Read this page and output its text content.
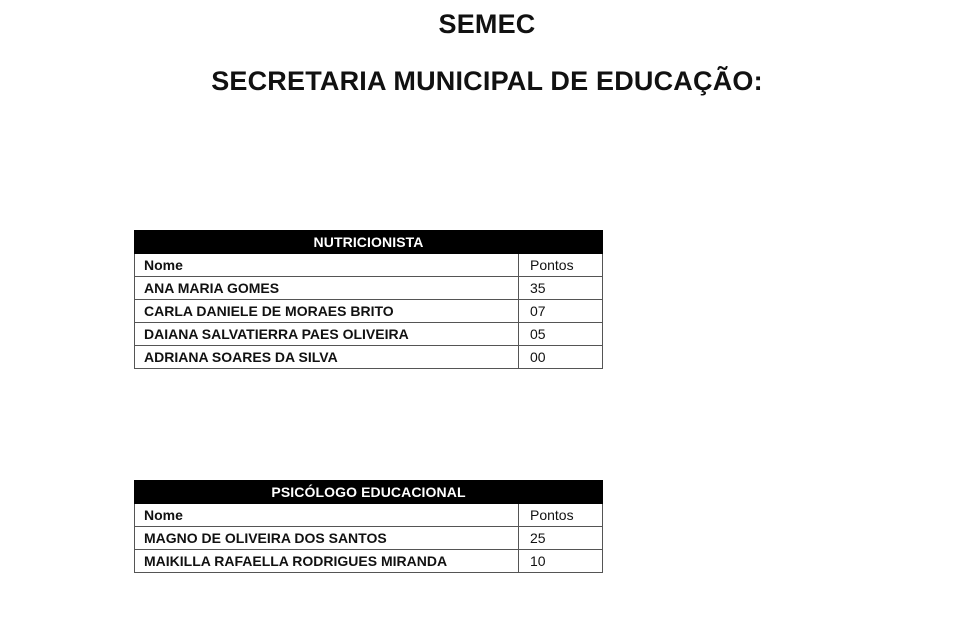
SEMEC
SECRETARIA MUNICIPAL DE EDUCAÇÃO:
NUTRICIONISTA	
Nome	Pontos
ANA MARIA GOMES	35
CARLA DANIELE DE MORAES BRITO	07
DAIANA SALVATIERRA PAES OLIVEIRA	05
ADRIANA SOARES DA SILVA	00
PSICÓLOGO EDUCACIONAL	
Nome	Pontos
MAGNO DE OLIVEIRA DOS SANTOS	25
MAIKILLA RAFAELLA RODRIGUES MIRANDA	10
